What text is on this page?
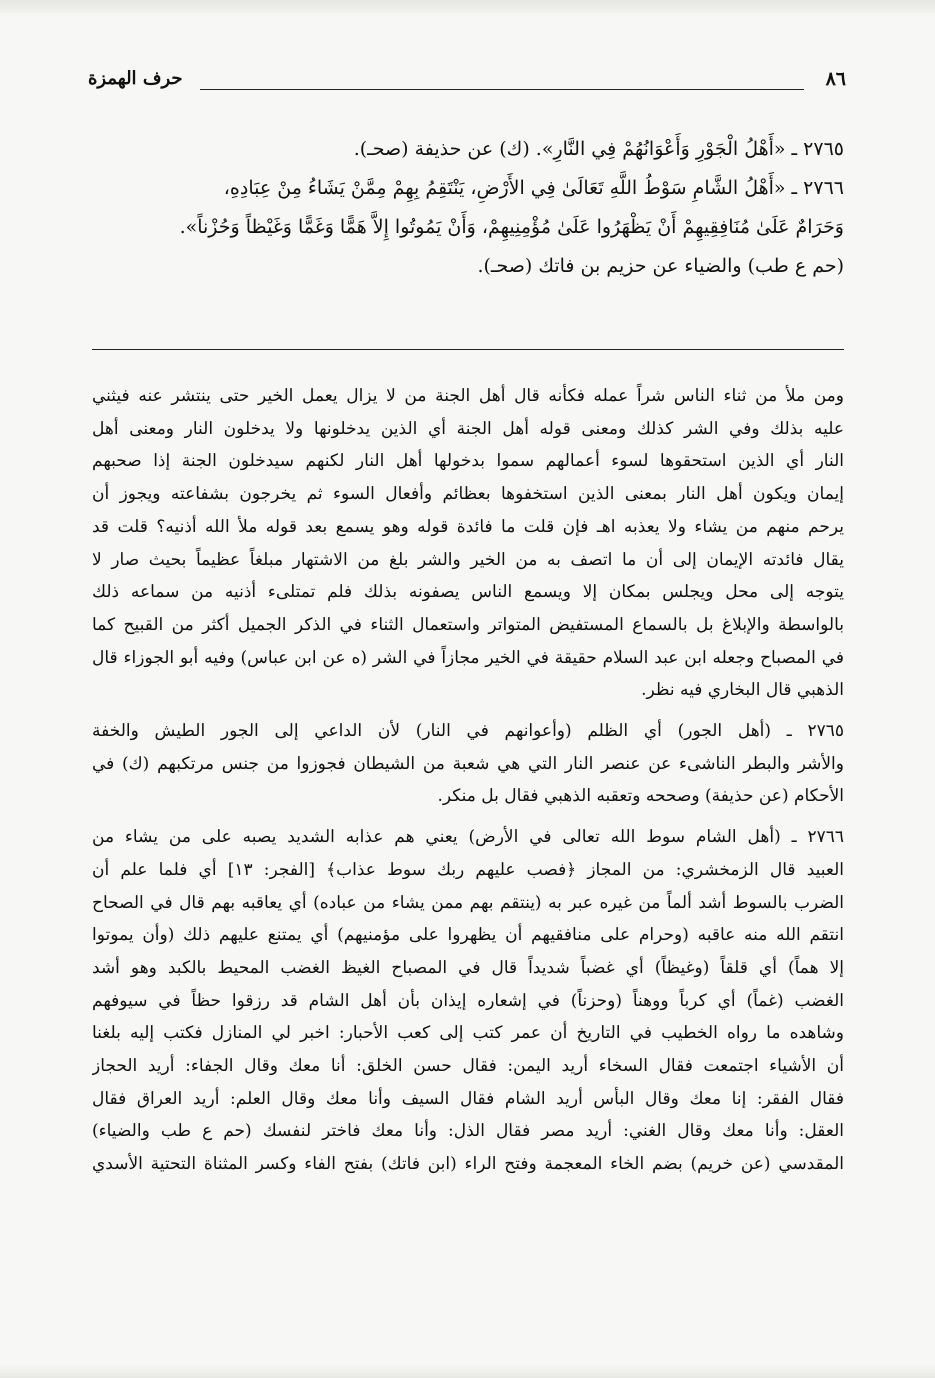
٨٦
حرف الهمزة
٢٧٦٥ ـ «أَهْلُ الْجَوْرِ وَأَعْوَانُهُمْ فِي النَّارِ». (ك) عن حذيفة (صحـ).
٢٧٦٦ ـ «أَهْلُ الشَّامِ سَوْطُ اللَّهِ تَعَالَىٰ فِي الأَرْضِ، يَنْتَقِمُ بِهِمْ مِمَّنْ يَشَاءُ مِنْ عِبَادِهِ،
وَحَرَامٌ عَلَىٰ مُنَافِقِيهِمْ أَنْ يَظْهَرُوا عَلَىٰ مُؤْمِنِيهِمْ، وَأَنْ يَمُوتُوا إِلاَّ هَمًّا وَغَمًّا وَغَيْظاً وَحُزْناً».
(حم ع طب) والضياء عن حزيم بن فاتك (صحـ).
ومن ملأ من ثناء الناس شراً عمله فكأنه قال أهل الجنة من لا يزال يعمل الخير حتى ينتشر عنه فيثني
عليه بذلك وفي الشر كذلك ومعنى قوله أهل الجنة أي الذين يدخلونها ولا يدخلون النار ومعنى أهل
النار أي الذين استحقوها لسوء أعمالهم سموا بدخولها أهل النار لكنهم سيدخلون الجنة إذا صحبهم
إيمان ويكون أهل النار بمعنى الذين استخفوها بعظائم وأفعال السوء ثم يخرجون بشفاعته ويجوز أن
يرحم منهم من يشاء ولا يعذبه اهـ فإن قلت ما فائدة قوله وهو يسمع بعد قوله ملأ الله أذنيه؟ قلت قد
يقال فائدته الإيمان إلى أن ما اتصف به من الخير والشر بلغ من الاشتهار مبلغاً عظيماً بحيث صار لا
يتوجه إلى محل ويجلس بمكان إلا ويسمع الناس يصفونه بذلك فلم تمتلىء أذنيه من سماعه ذلك
بالواسطة والإبلاغ بل بالسماع المستفيض المتواتر واستعمال الثناء في الذكر الجميل أكثر من القبيح كما
في المصباح وجعله ابن عبد السلام حقيقة في الخير مجازاً في الشر (ه عن ابن عباس) وفيه أبو الجوزاء قال
الذهبي قال البخاري فيه نظر.
٢٧٦٥ ـ (أهل الجور) أي الظلم (وأعوانهم في النار) لأن الداعي إلى الجور الطيش والخفة
والأشر والبطر الناشىء عن عنصر النار التي هي شعبة من الشيطان فجوزوا من جنس مرتكبهم (ك) في
الأحكام (عن حذيفة) وصححه وتعقبه الذهبي فقال بل منكر.
٢٧٦٦ ـ (أهل الشام سوط الله تعالى في الأرض) يعني هم عذابه الشديد يصبه على من يشاء من
العبيد قال الزمخشري: من المجاز ﴿فصب عليهم ربك سوط عذاب﴾ [الفجر: ١٣] أي فلما علم أن
الضرب بالسوط أشد ألماً من غيره عبر به (ينتقم بهم ممن يشاء من عباده) أي يعاقبه بهم قال في الصحاح
انتقم الله منه عاقبه (وحرام على منافقيهم أن يظهروا على مؤمنيهم) أي يمتنع عليهم ذلك (وأن يموتوا
إلا هماً) أي قلقاً (وغيظاً) أي غضباً شديداً قال في المصباح الغيظ الغضب المحيط بالكبد وهو أشد
الغضب (غماً) أي كرباً ووهناً (وحزناً) في إشعاره إيذان بأن أهل الشام قد رزقوا حظاً في سيوفهم
وشاهده ما رواه الخطيب في التاريخ أن عمر كتب إلى كعب الأحبار: اخبر لي المنازل فكتب إليه بلغنا
أن الأشياء اجتمعت فقال السخاء أريد اليمن: فقال حسن الخلق: أنا معك وقال الجفاء: أريد الحجاز
فقال الفقر: إنا معك وقال البأس أريد الشام فقال السيف وأنا معك وقال العلم: أريد العراق فقال
العقل: وأنا معك وقال الغني: أريد مصر فقال الذل: وأنا معك فاختر لنفسك (حم ع طب والضياء)
المقدسي (عن خريم) بضم الخاء المعجمة وفتح الراء (ابن فاتك) بفتح الفاء وكسر المثناة التحتية الأسدي
